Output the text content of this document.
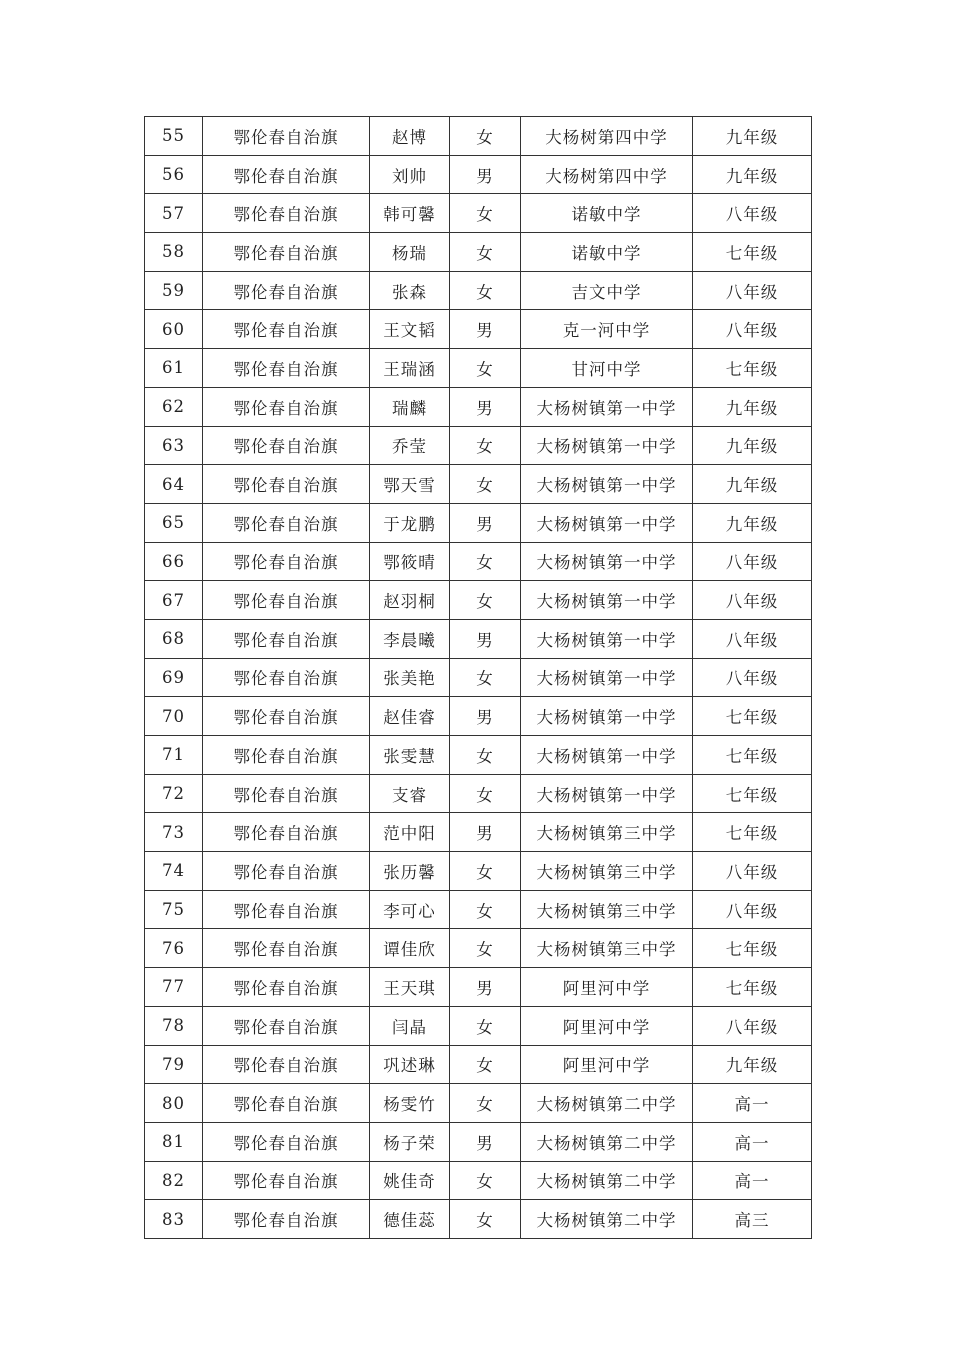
55	鄂伦春自治旗	赵博	女	大杨树第四中学	九年级
56	鄂伦春自治旗	刘帅	男	大杨树第四中学	九年级
57	鄂伦春自治旗	韩可馨	女	诺敏中学	八年级
58	鄂伦春自治旗	杨瑞	女	诺敏中学	七年级
59	鄂伦春自治旗	张森	女	吉文中学	八年级
60	鄂伦春自治旗	王文韬	男	克一河中学	八年级
61	鄂伦春自治旗	王瑞涵	女	甘河中学	七年级
62	鄂伦春自治旗	瑞麟	男	大杨树镇第一中学	九年级
63	鄂伦春自治旗	乔莹	女	大杨树镇第一中学	九年级
64	鄂伦春自治旗	鄂天雪	女	大杨树镇第一中学	九年级
65	鄂伦春自治旗	于龙鹏	男	大杨树镇第一中学	九年级
66	鄂伦春自治旗	鄂筱晴	女	大杨树镇第一中学	八年级
67	鄂伦春自治旗	赵羽桐	女	大杨树镇第一中学	八年级
68	鄂伦春自治旗	李晨曦	男	大杨树镇第一中学	八年级
69	鄂伦春自治旗	张美艳	女	大杨树镇第一中学	八年级
70	鄂伦春自治旗	赵佳睿	男	大杨树镇第一中学	七年级
71	鄂伦春自治旗	张雯慧	女	大杨树镇第一中学	七年级
72	鄂伦春自治旗	支睿	女	大杨树镇第一中学	七年级
73	鄂伦春自治旗	范中阳	男	大杨树镇第三中学	七年级
74	鄂伦春自治旗	张历馨	女	大杨树镇第三中学	八年级
75	鄂伦春自治旗	李可心	女	大杨树镇第三中学	八年级
76	鄂伦春自治旗	谭佳欣	女	大杨树镇第三中学	七年级
77	鄂伦春自治旗	王天琪	男	阿里河中学	七年级
78	鄂伦春自治旗	闫晶	女	阿里河中学	八年级
79	鄂伦春自治旗	巩述琳	女	阿里河中学	九年级
80	鄂伦春自治旗	杨雯竹	女	大杨树镇第二中学	高一
81	鄂伦春自治旗	杨子荣	男	大杨树镇第二中学	高一
82	鄂伦春自治旗	姚佳奇	女	大杨树镇第二中学	高一
83	鄂伦春自治旗	德佳蕊	女	大杨树镇第二中学	高三
